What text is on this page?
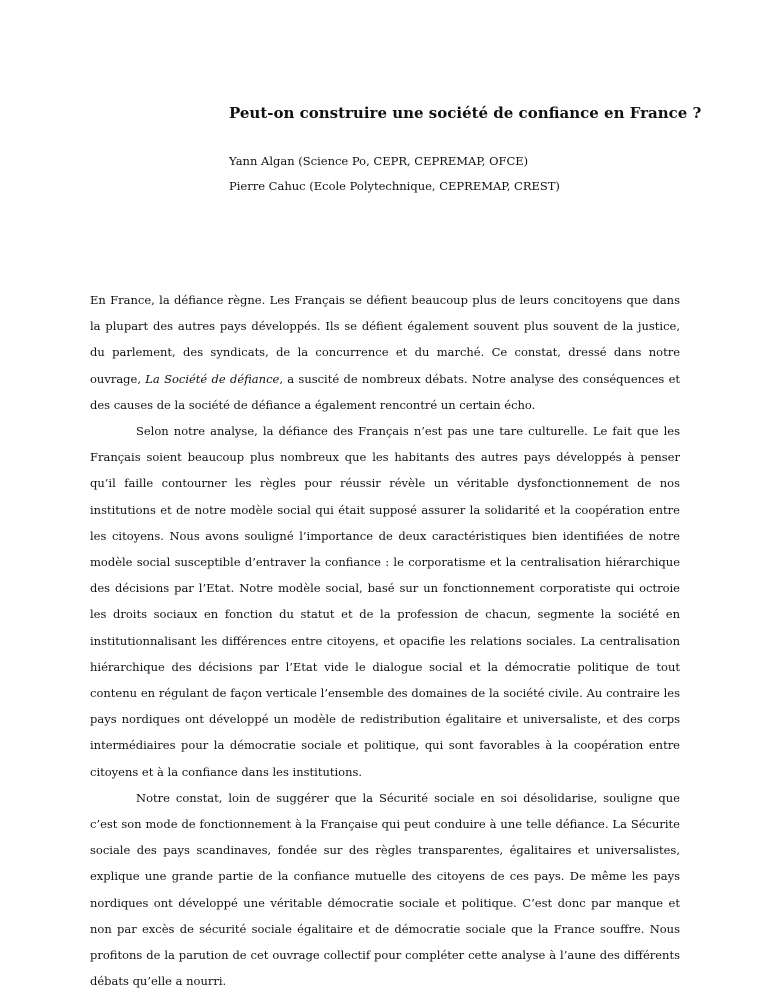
Peut-on construire une société de confiance en France ?
Yann Algan (Science Po, CEPR, CEPREMAP, OFCE)
Pierre Cahuc (Ecole Polytechnique, CEPREMAP, CREST)

En France, la défiance règne. Les Français se défient beaucoup plus de leurs concitoyens que dans la plupart des autres pays développés. Ils se défient également souvent plus souvent de la justice, du parlement, des syndicats, de la concurrence et du marché. Ce constat, dressé dans notre ouvrage, La Société de défiance, a suscité de nombreux débats. Notre analyse des conséquences et des causes de la société de défiance a également rencontré un certain écho.

Selon notre analyse, la défiance des Français n’est pas une tare culturelle. Le fait que les Français soient beaucoup plus nombreux que les habitants des autres pays développés à penser qu’il faille contourner les règles pour réussir révèle un véritable dysfonctionnement de nos institutions et de notre modèle social qui était supposé assurer la solidarité et la coopération entre les citoyens. Nous avons souligné l’importance de deux caractéristiques bien identifiées de notre modèle social susceptible d’entraver la confiance : le corporatisme et la centralisation hiérarchique des décisions par l’Etat. Notre modèle social, basé sur un fonctionnement corporatiste qui octroie les droits sociaux en fonction du statut et de la profession de chacun, segmente la société en institutionnalisant les différences entre citoyens, et opacifie les relations sociales. La centralisation hiérarchique des décisions par l’Etat vide le dialogue social et la démocratie politique de tout contenu en régulant de façon verticale l’ensemble des domaines de la société civile. Au contraire les pays nordiques ont développé un modèle de redistribution égalitaire et universaliste, et des corps intermédiaires pour la démocratie sociale et politique, qui sont favorables à la coopération entre citoyens et à la confiance dans les institutions.

Notre constat, loin de suggérer que la Sécurité sociale en soi désolidarise, souligne que c’est son mode de fonctionnement à la Française qui peut conduire à une telle défiance. La Sécurite sociale des pays scandinaves, fondée sur des règles transparentes, égalitaires et universalistes, explique une grande partie de la confiance mutuelle des citoyens de ces pays. De même les pays nordiques ont développé une véritable démocratie sociale et politique. C’est donc par manque et non par excès de sécurité sociale égalitaire et de démocratie sociale que la France souffre. Nous profitons de la parution de cet ouvrage collectif pour compléter cette analyse à l’aune des différents débats qu’elle a nourri.
